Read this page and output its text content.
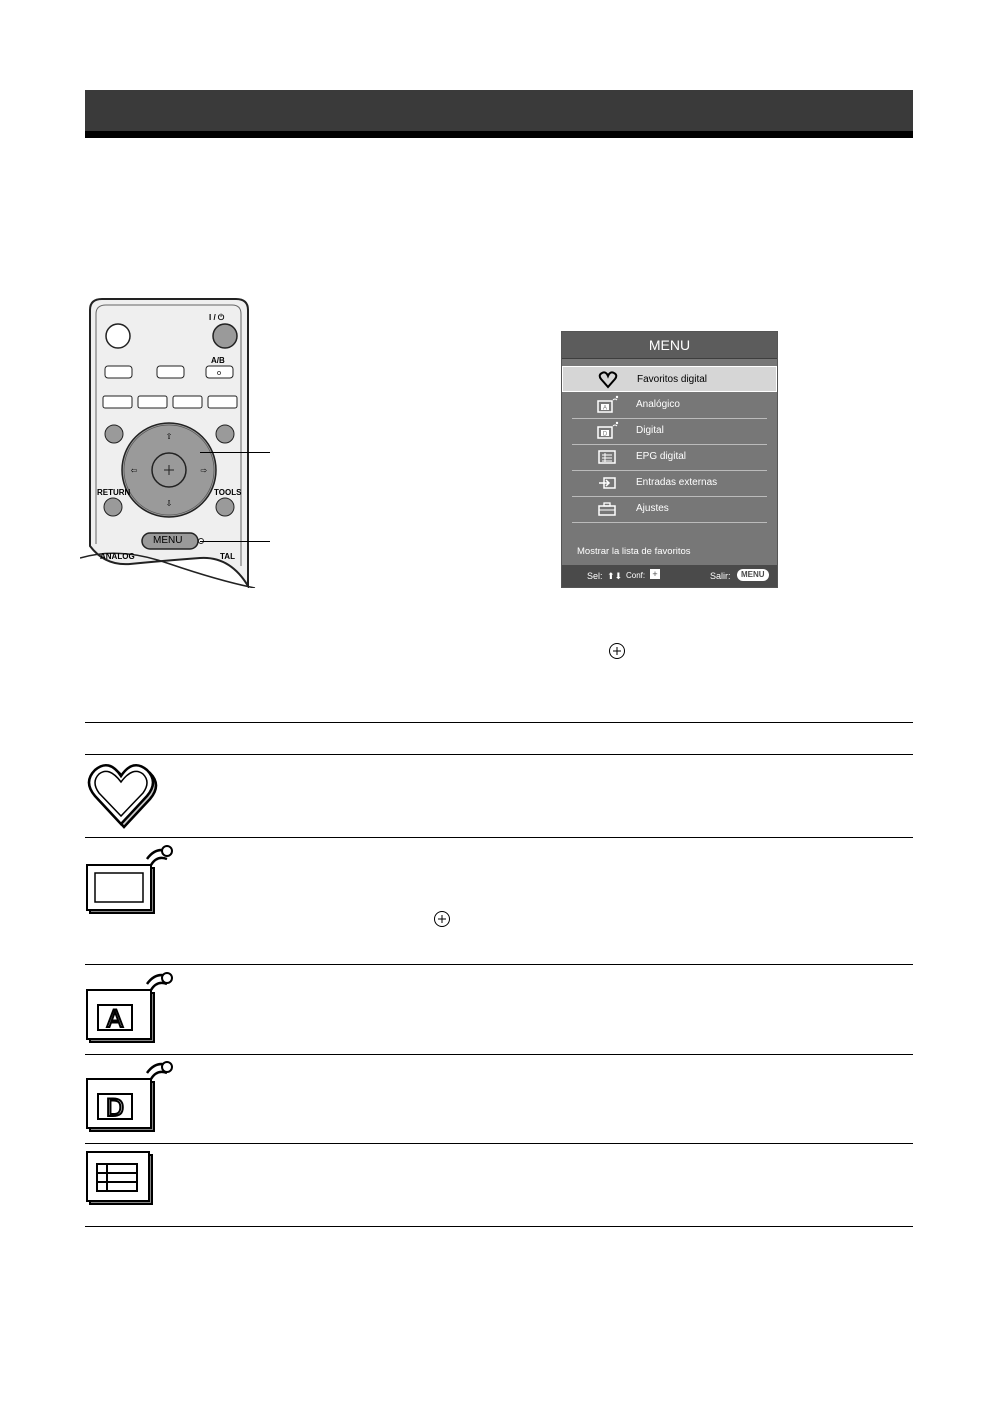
o
⇧
⇩
⇦	⇨
I / ⏻
A/B
RETURN	TOOLS
MENU
ANALOG	TAL
MENU
Favoritos digital
A	Analógico
D	Digital
EPG digital
Entradas externas
Ajustes
Mostrar la lista de favoritos
Sel: ⬆⬇ Conf: +	Salir:	MENU
A
D
